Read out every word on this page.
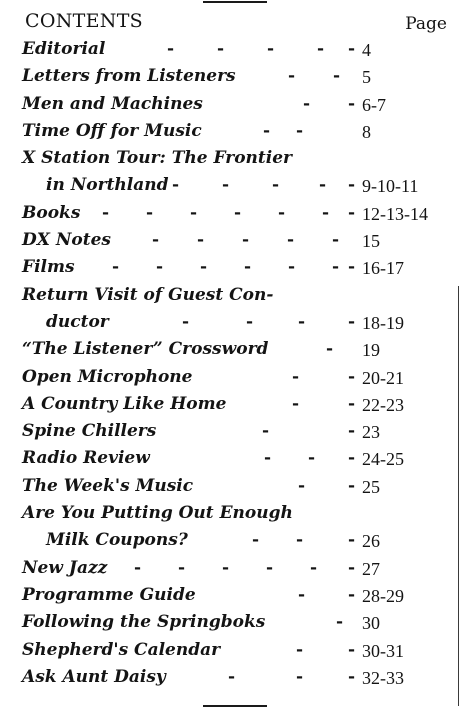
CONTENTS	Page
Editorial	-	-	-	- - 4
Letters from Listeners	- - 5
Men and Machines	- - 6-7
Time Off for Music	- -	8
X Station Tour: The Frontier
in Northland -	-	- - - 9-10-11
Books - - - - - - - 12-13-14
DX Notes - - - - - 15
Films - - - - - - - 16-17
Return Visit of Guest Con-
ductor	-	-	-	- 18-19
“The Listener” Crossword	- 19
Open Microphone	-	- 20-21
A Country Like Home	-	- 22-23
Spine Chillers	-	- 23
Radio Review	- - - 24-25
The Week's Music	-	- 25
Are You Putting Out Enough
Milk Coupons?	- -	- 26
New Jazz - - - - - - 27
Programme Guide	-	- 28-29
Following the Springboks	- 30
Shepherd's Calendar	-	- 30-31
Ask Aunt Daisy	-	-	- 32-33
